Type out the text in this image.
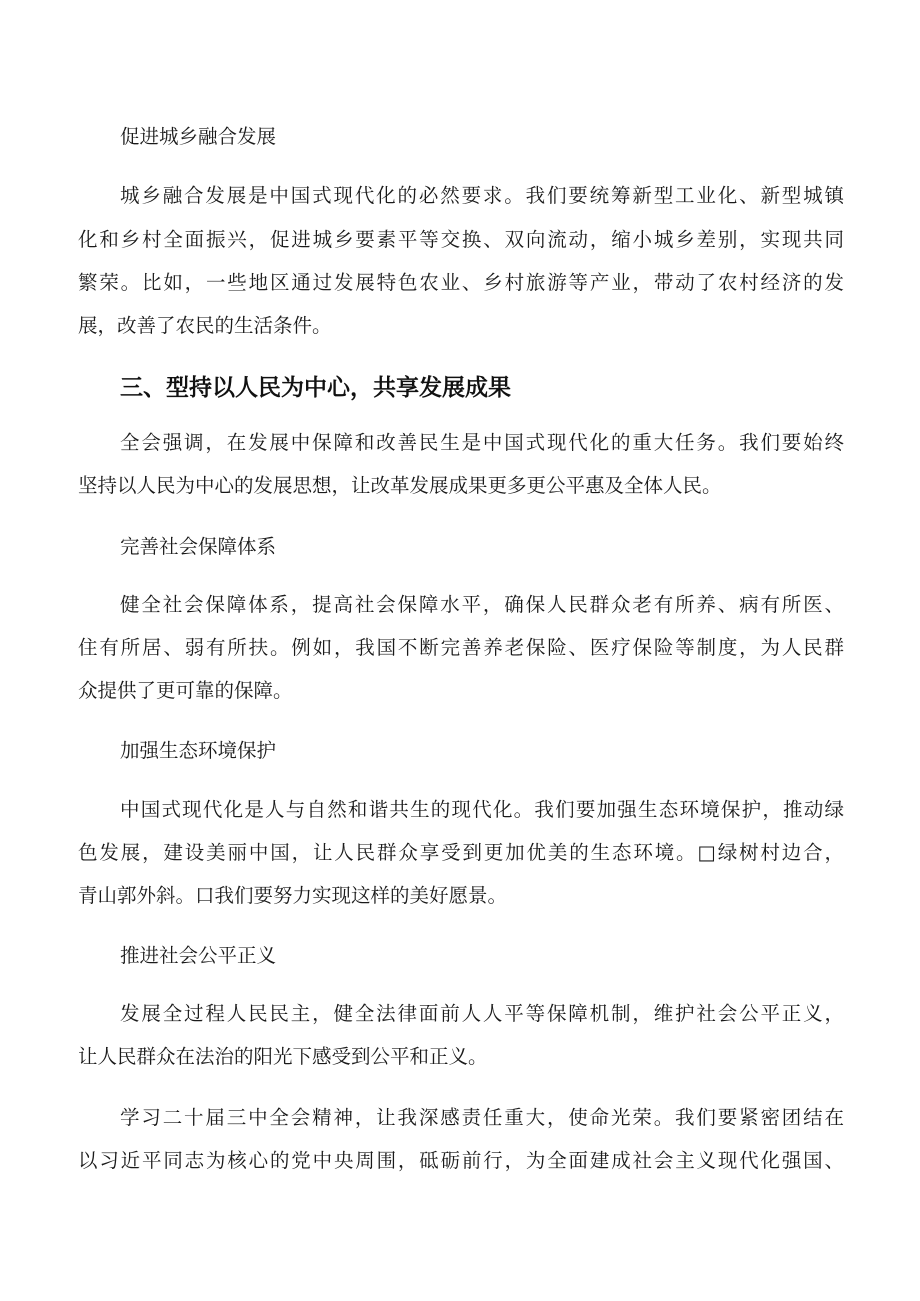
促进城乡融合发展

城乡融合发展是中国式现代化的必然要求。我们要统筹新型工业化、新型城镇

化和乡村全面振兴，促进城乡要素平等交换、双向流动，缩小城乡差别，实现共同

繁荣。比如，一些地区通过发展特色农业、乡村旅游等产业，带动了农村经济的发

展，改善了农民的生活条件。

三、型持以人民为中心，共享发展成果

全会强调，在发展中保障和改善民生是中国式现代化的重大任务。我们要始终

坚持以人民为中心的发展思想，让改革发展成果更多更公平惠及全体人民。

完善社会保障体系

健全社会保障体系，提高社会保障水平，确保人民群众老有所养、病有所医、

住有所居、弱有所扶。例如，我国不断完善养老保险、医疗保险等制度，为人民群

众提供了更可靠的保障。

加强生态环境保护

中国式现代化是人与自然和谐共生的现代化。我们要加强生态环境保护，推动绿

色发展，建设美丽中国，让人民群众享受到更加优美的生态环境。□绿树村边合，

青山郭外斜。口我们要努力实现这样的美好愿景。

推进社会公平正义

发展全过程人民民主，健全法律面前人人平等保障机制，维护社会公平正义，

让人民群众在法治的阳光下感受到公平和正义。

学习二十届三中全会精神，让我深感责任重大，使命光荣。我们要紧密团结在

以习近平同志为核心的党中央周围，砥砺前行，为全面建成社会主义现代化强国、
